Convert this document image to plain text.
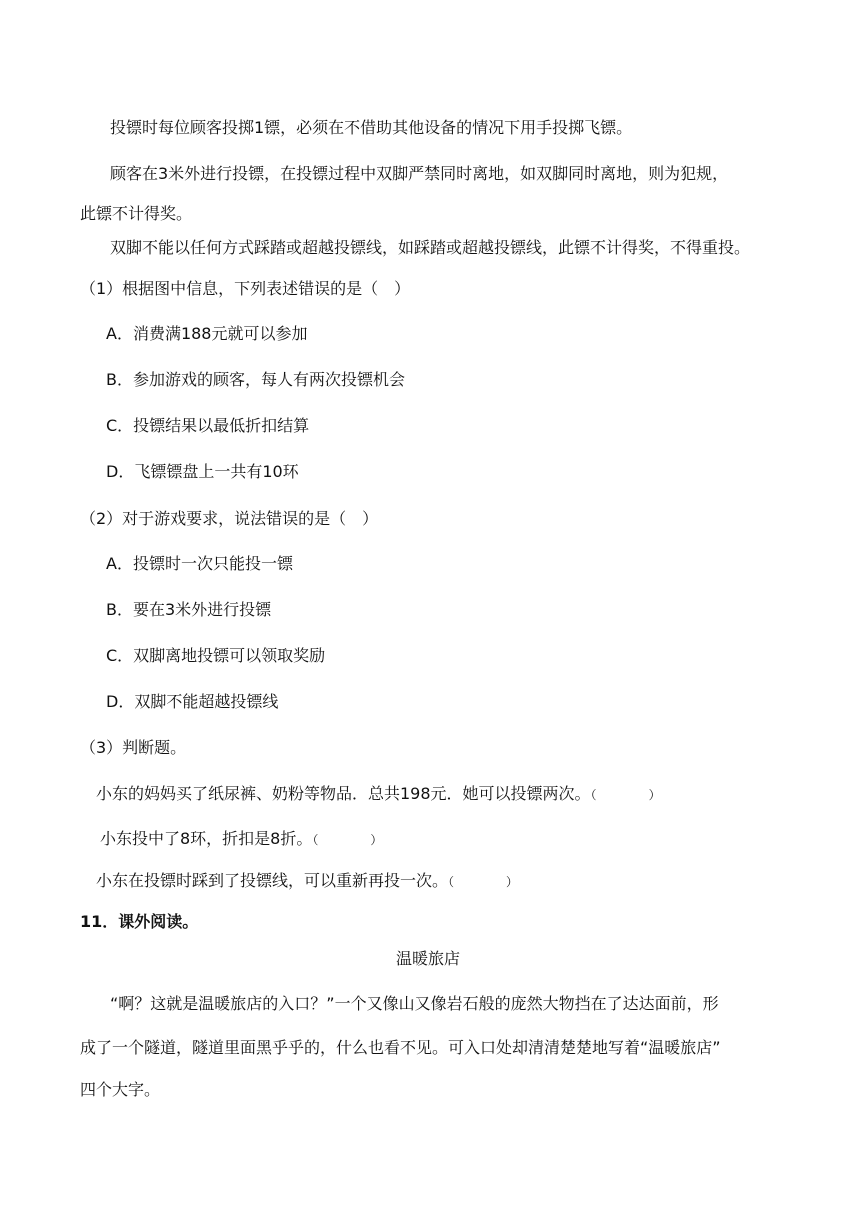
投镖时每位顾客投掷1镖，必须在不借助其他设备的情况下用手投掷飞镖。

顾客在3米外进行投镖，在投镖过程中双脚严禁同时离地，如双脚同时离地，则为犯规，

此镖不计得奖。

双脚不能以任何方式踩踏或超越投镖线，如踩踏或超越投镖线，此镖不计得奖，不得重投。

（1）根据图中信息，下列表述错误的是（　）

A．消费满188元就可以参加

B．参加游戏的顾客，每人有两次投镖机会

C．投镖结果以最低折扣结算

D．飞镖镖盘上一共有10环

（2）对于游戏要求，说法错误的是（　）

A．投镖时一次只能投一镖

B．要在3米外进行投镖

C．双脚离地投镖可以领取奖励

D．双脚不能超越投镖线

（3）判断题。

小东的妈妈买了纸尿裤、奶粉等物品．总共198元．她可以投镖两次。（	）

小东投中了8环，折扣是8折。（	）

小东在投镖时踩到了投镖线，可以重新再投一次。（	）

11．课外阅读。

温暖旅店

“啊？这就是温暖旅店的入口？”一个又像山又像岩石般的庞然大物挡在了达达面前，形

成了一个隧道，隧道里面黑乎乎的，什么也看不见。可入口处却清清楚楚地写着“温暖旅店”

四个大字。
